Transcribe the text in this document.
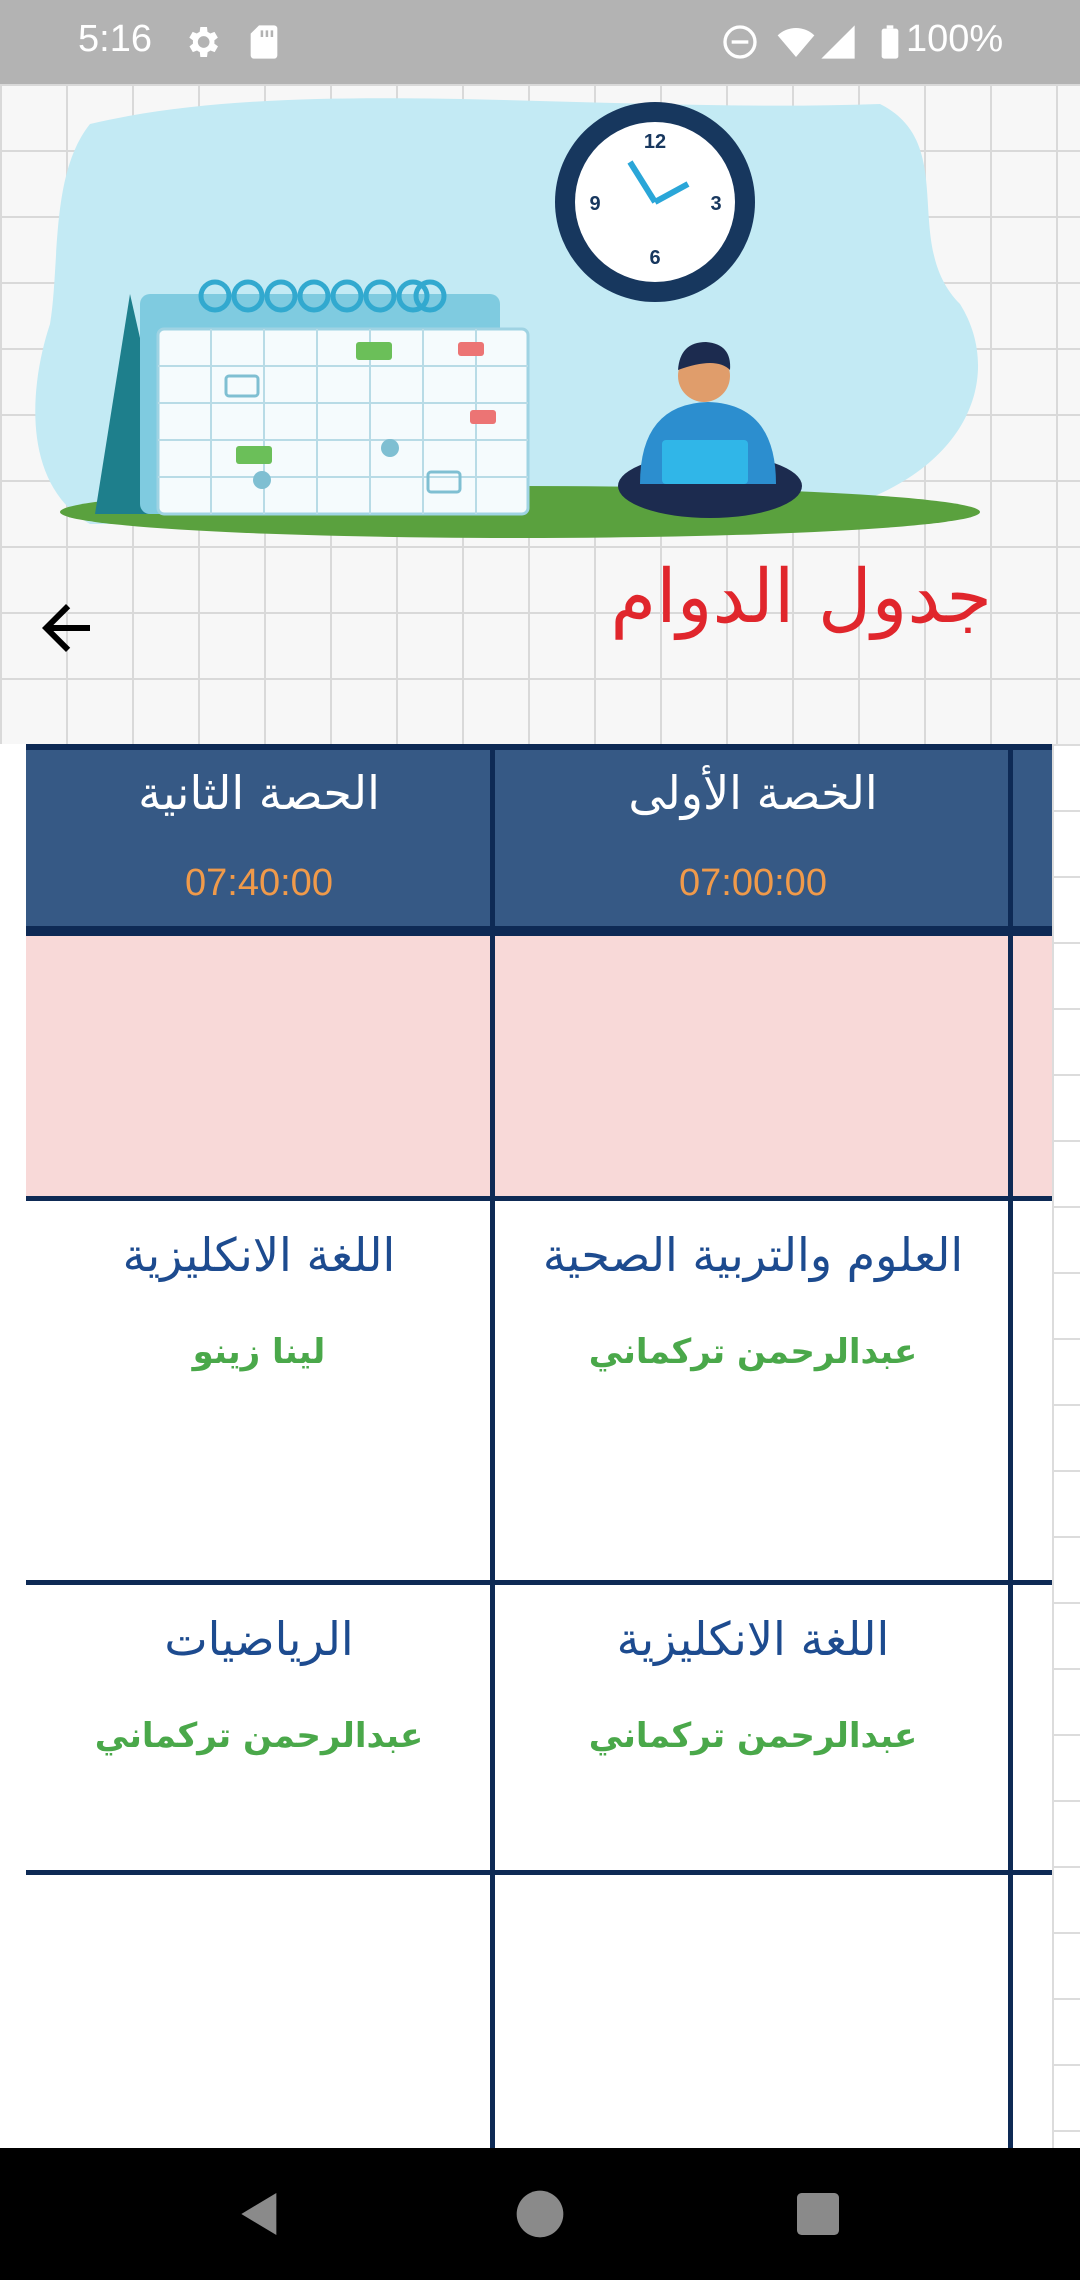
5:16	100%
12
6
9	3
جدول الدوام
الخصة الأولى
07:00:00
الحصة الثانية
07:40:00
العلوم والتربية الصحية
عبدالرحمن تركماني
اللغة الانكليزية
لينا زينو
اللغة الانكليزية
عبدالرحمن تركماني
الرياضيات
عبدالرحمن تركماني
